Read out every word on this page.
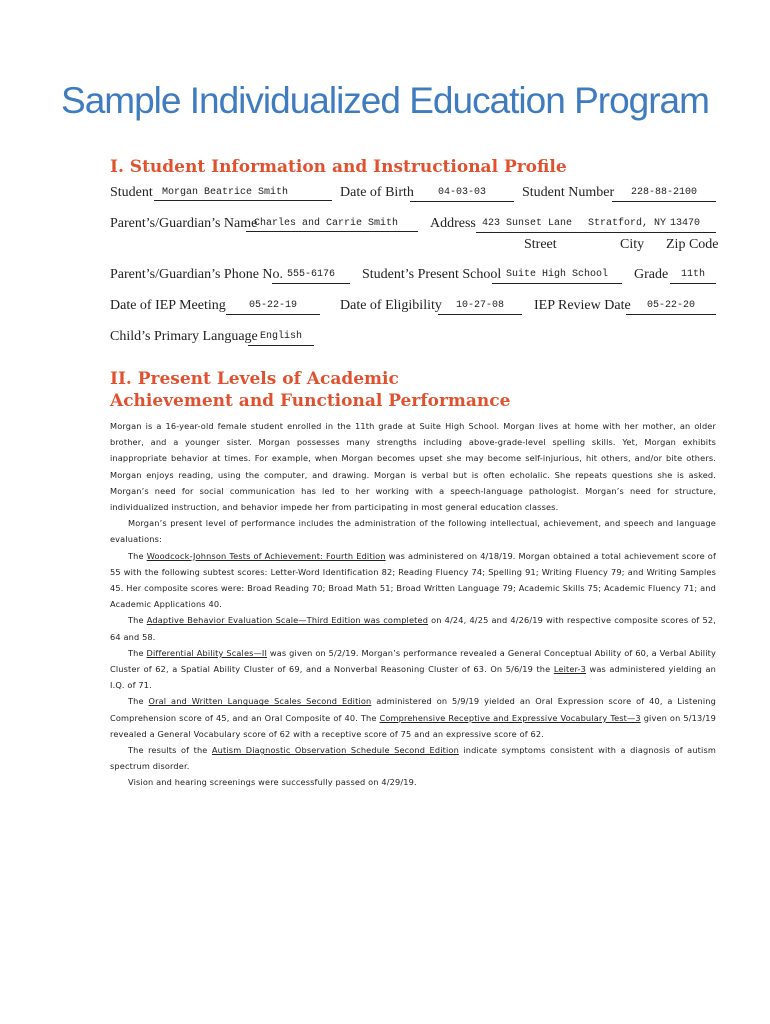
Sample Individualized Education Program
I. Student Information and Instructional Profile
Student Morgan Beatrice Smith	Date of Birth	04-03-03	Student Number	228-88-2100
Parent’s/Guardian’s Name
Charles and Carrie Smith	Address 423 Sunset Lane Stratford, NY 13470
Street	City Zip Code
Parent’s/Guardian’s Phone No. 555-6176	Student’s Present School Suite High School	Grade	11th
Date of IEP Meeting	05-22-19	Date of Eligibility	10-27-08	IEP Review Date	05-22-20
Child’s Primary Language English
II. Present Levels of Academic
Achievement and Functional Performance

Morgan is a 16-year-old female student enrolled in the 11th grade at Suite High School. Morgan lives at home with her mother, an older brother, and a younger sister. Morgan possesses many strengths including above-grade-level spelling skills. Yet, Morgan exhibits inappropriate behavior at times. For example, when Morgan becomes upset she may become self-injurious, hit others, and/or bite others. Morgan enjoys reading, using the computer, and drawing. Morgan is verbal but is often echolalic. She repeats questions she is asked. Morgan’s need for social communication has led to her working with a speech-language pathologist. Morgan’s need for structure, individualized instruction, and behavior impede her from participating in most general education classes.

Morgan’s present level of performance includes the administration of the following intellectual, achievement, and speech and language evaluations:

The Woodcock-Johnson Tests of Achievement: Fourth Edition was administered on 4/18/19. Morgan obtained a total achievement score of 55 with the following subtest scores: Letter-Word Identification 82; Reading Fluency 74; Spelling 91; Writing Fluency 79; and Writing Samples 45. Her composite scores were: Broad Reading 70; Broad Math 51; Broad Written Language 79; Academic Skills 75; Academic Fluency 71; and Academic Applications 40.

The Adaptive Behavior Evaluation Scale—Third Edition was completed on 4/24, 4/25 and 4/26/19 with respective composite scores of 52, 64 and 58.

The Differential Ability Scales—II was given on 5/2/19. Morgan’s performance revealed a General Conceptual Ability of 60, a Verbal Ability Cluster of 62, a Spatial Ability Cluster of 69, and a Nonverbal Reasoning Cluster of 63. On 5/6/19 the Leiter-3 was administered yielding an I.Q. of 71.

The Oral and Written Language Scales Second Edition administered on 5/9/19 yielded an Oral Expression score of 40, a Listening Comprehension score of 45, and an Oral Composite of 40. The Comprehensive Receptive and Expressive Vocabulary Test—3 given on 5/13/19 revealed a General Vocabulary score of 62 with a receptive score of 75 and an expressive score of 62.

The results of the Autism Diagnostic Observation Schedule Second Edition indicate symptoms consistent with a diagnosis of autism spectrum disorder.

Vision and hearing screenings were successfully passed on 4/29/19.
